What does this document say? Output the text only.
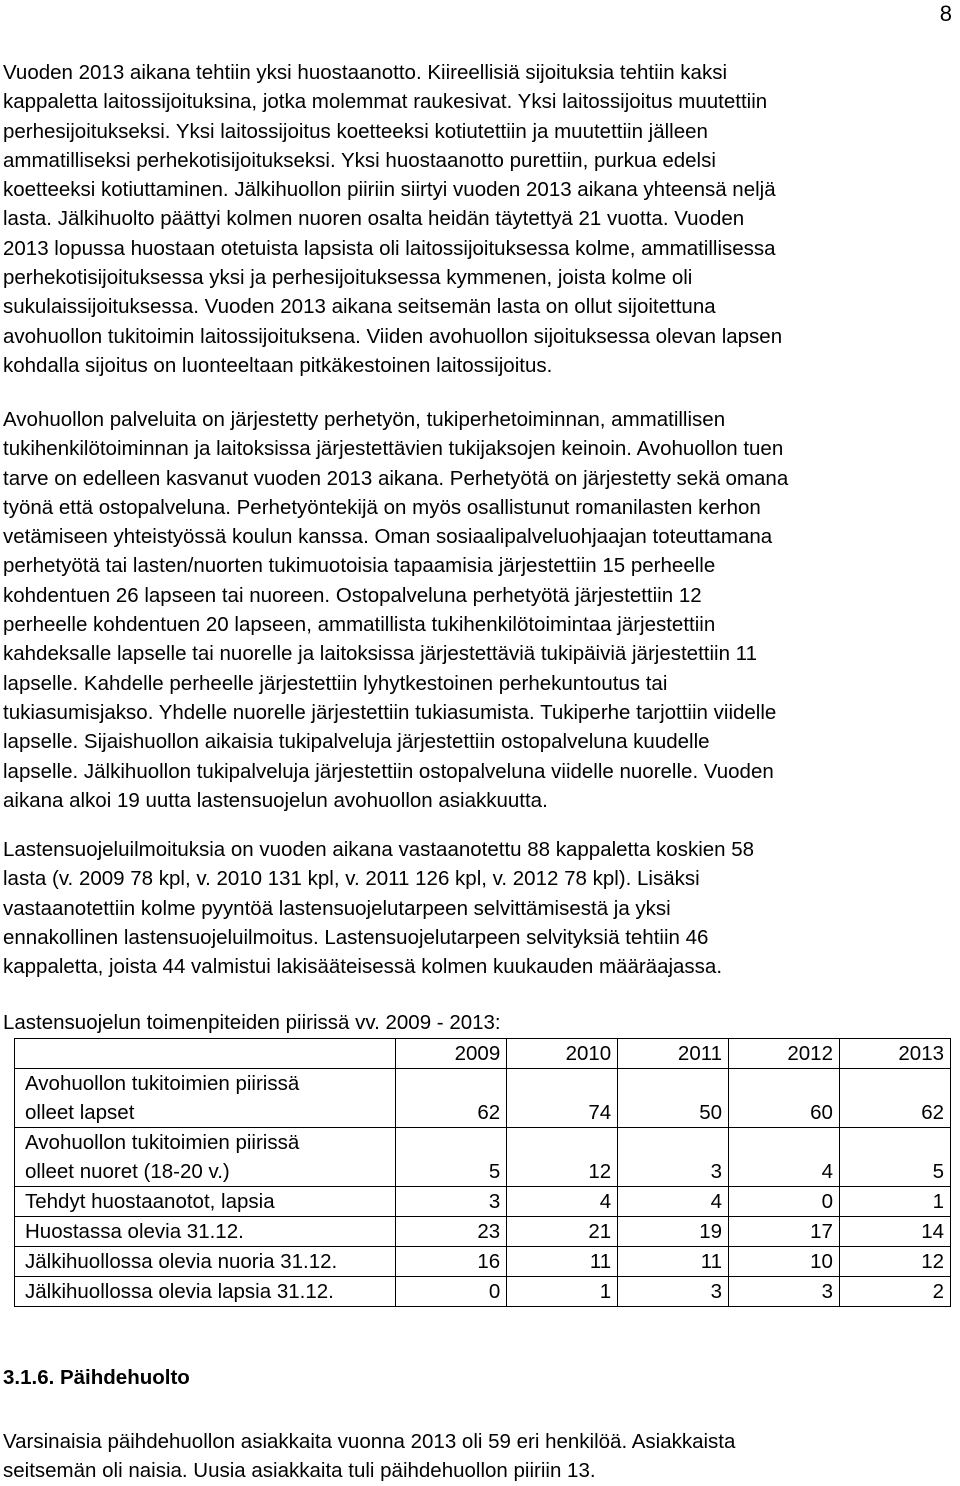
8
Vuoden 2013 aikana tehtiin yksi huostaanotto. Kiireellisiä sijoituksia tehtiin kaksi
kappaletta laitossijoituksina, jotka molemmat raukesivat. Yksi laitossijoitus muutettiin
perhesijoitukseksi. Yksi laitossijoitus koetteeksi kotiutettiin ja muutettiin jälleen
ammatilliseksi perhekotisijoitukseksi. Yksi huostaanotto purettiin, purkua edelsi
koetteeksi kotiuttaminen. Jälkihuollon piiriin siirtyi vuoden 2013 aikana yhteensä neljä
lasta. Jälkihuolto päättyi kolmen nuoren osalta heidän täytettyä 21 vuotta. Vuoden
2013 lopussa huostaan otetuista lapsista oli laitossijoituksessa kolme, ammatillisessa
perhekotisijoituksessa yksi ja perhesijoituksessa kymmenen, joista kolme oli
sukulaissijoituksessa. Vuoden 2013 aikana seitsemän lasta on ollut sijoitettuna
avohuollon tukitoimin laitossijoituksena. Viiden avohuollon sijoituksessa olevan lapsen
kohdalla sijoitus on luonteeltaan pitkäkestoinen laitossijoitus.
Avohuollon palveluita on järjestetty perhetyön, tukiperhetoiminnan, ammatillisen
tukihenkilötoiminnan ja laitoksissa järjestettävien tukijaksojen keinoin. Avohuollon tuen
tarve on edelleen kasvanut vuoden 2013 aikana. Perhetyötä on järjestetty sekä omana
työnä että ostopalveluna. Perhetyöntekijä on myös osallistunut romanilasten kerhon
vetämiseen yhteistyössä koulun kanssa. Oman sosiaalipalveluohjaajan toteuttamana
perhetyötä tai lasten/nuorten tukimuotoisia tapaamisia järjestettiin 15 perheelle
kohdentuen 26 lapseen tai nuoreen. Ostopalveluna perhetyötä järjestettiin 12
perheelle kohdentuen 20 lapseen, ammatillista tukihenkilötoimintaa järjestettiin
kahdeksalle lapselle tai nuorelle ja laitoksissa järjestettäviä tukipäiviä järjestettiin 11
lapselle. Kahdelle perheelle järjestettiin lyhytkestoinen perhekuntoutus tai
tukiasumisjakso. Yhdelle nuorelle järjestettiin tukiasumista. Tukiperhe tarjottiin viidelle
lapselle. Sijaishuollon aikaisia tukipalveluja järjestettiin ostopalveluna kuudelle
lapselle. Jälkihuollon tukipalveluja järjestettiin ostopalveluna viidelle nuorelle. Vuoden
aikana alkoi 19 uutta lastensuojelun avohuollon asiakkuutta.
Lastensuojeluilmoituksia on vuoden aikana vastaanotettu 88 kappaletta koskien 58
lasta (v. 2009 78 kpl, v. 2010 131 kpl, v. 2011 126 kpl, v. 2012 78 kpl). Lisäksi
vastaanotettiin kolme pyyntöä lastensuojelutarpeen selvittämisestä ja yksi
ennakollinen lastensuojeluilmoitus. Lastensuojelutarpeen selvityksiä tehtiin 46
kappaletta, joista 44 valmistui lakisääteisessä kolmen kuukauden määräajassa.

Lastensuojelun toimenpiteiden piirissä vv. 2009 - 2013:

	2009	2010	2011	2012	2013

Avohuollon tukitoimien piirissä
olleet lapset	62	74	50	60	62

Avohuollon tukitoimien piirissä
olleet nuoret (18-20 v.)	5	12	3	4	5

Tehdyt huostaanotot, lapsia	3	4	4	0	1

Huostassa olevia 31.12.	23	21	19	17	14

Jälkihuollossa olevia nuoria 31.12.	16	11	11	10	12

Jälkihuollossa olevia lapsia 31.12.	0	1	3	3	2

3.1.6. Päihdehuolto

Varsinaisia päihdehuollon asiakkaita vuonna 2013 oli 59 eri henkilöä. Asiakkaista
seitsemän oli naisia. Uusia asiakkaita tuli päihdehuollon piiriin 13.
